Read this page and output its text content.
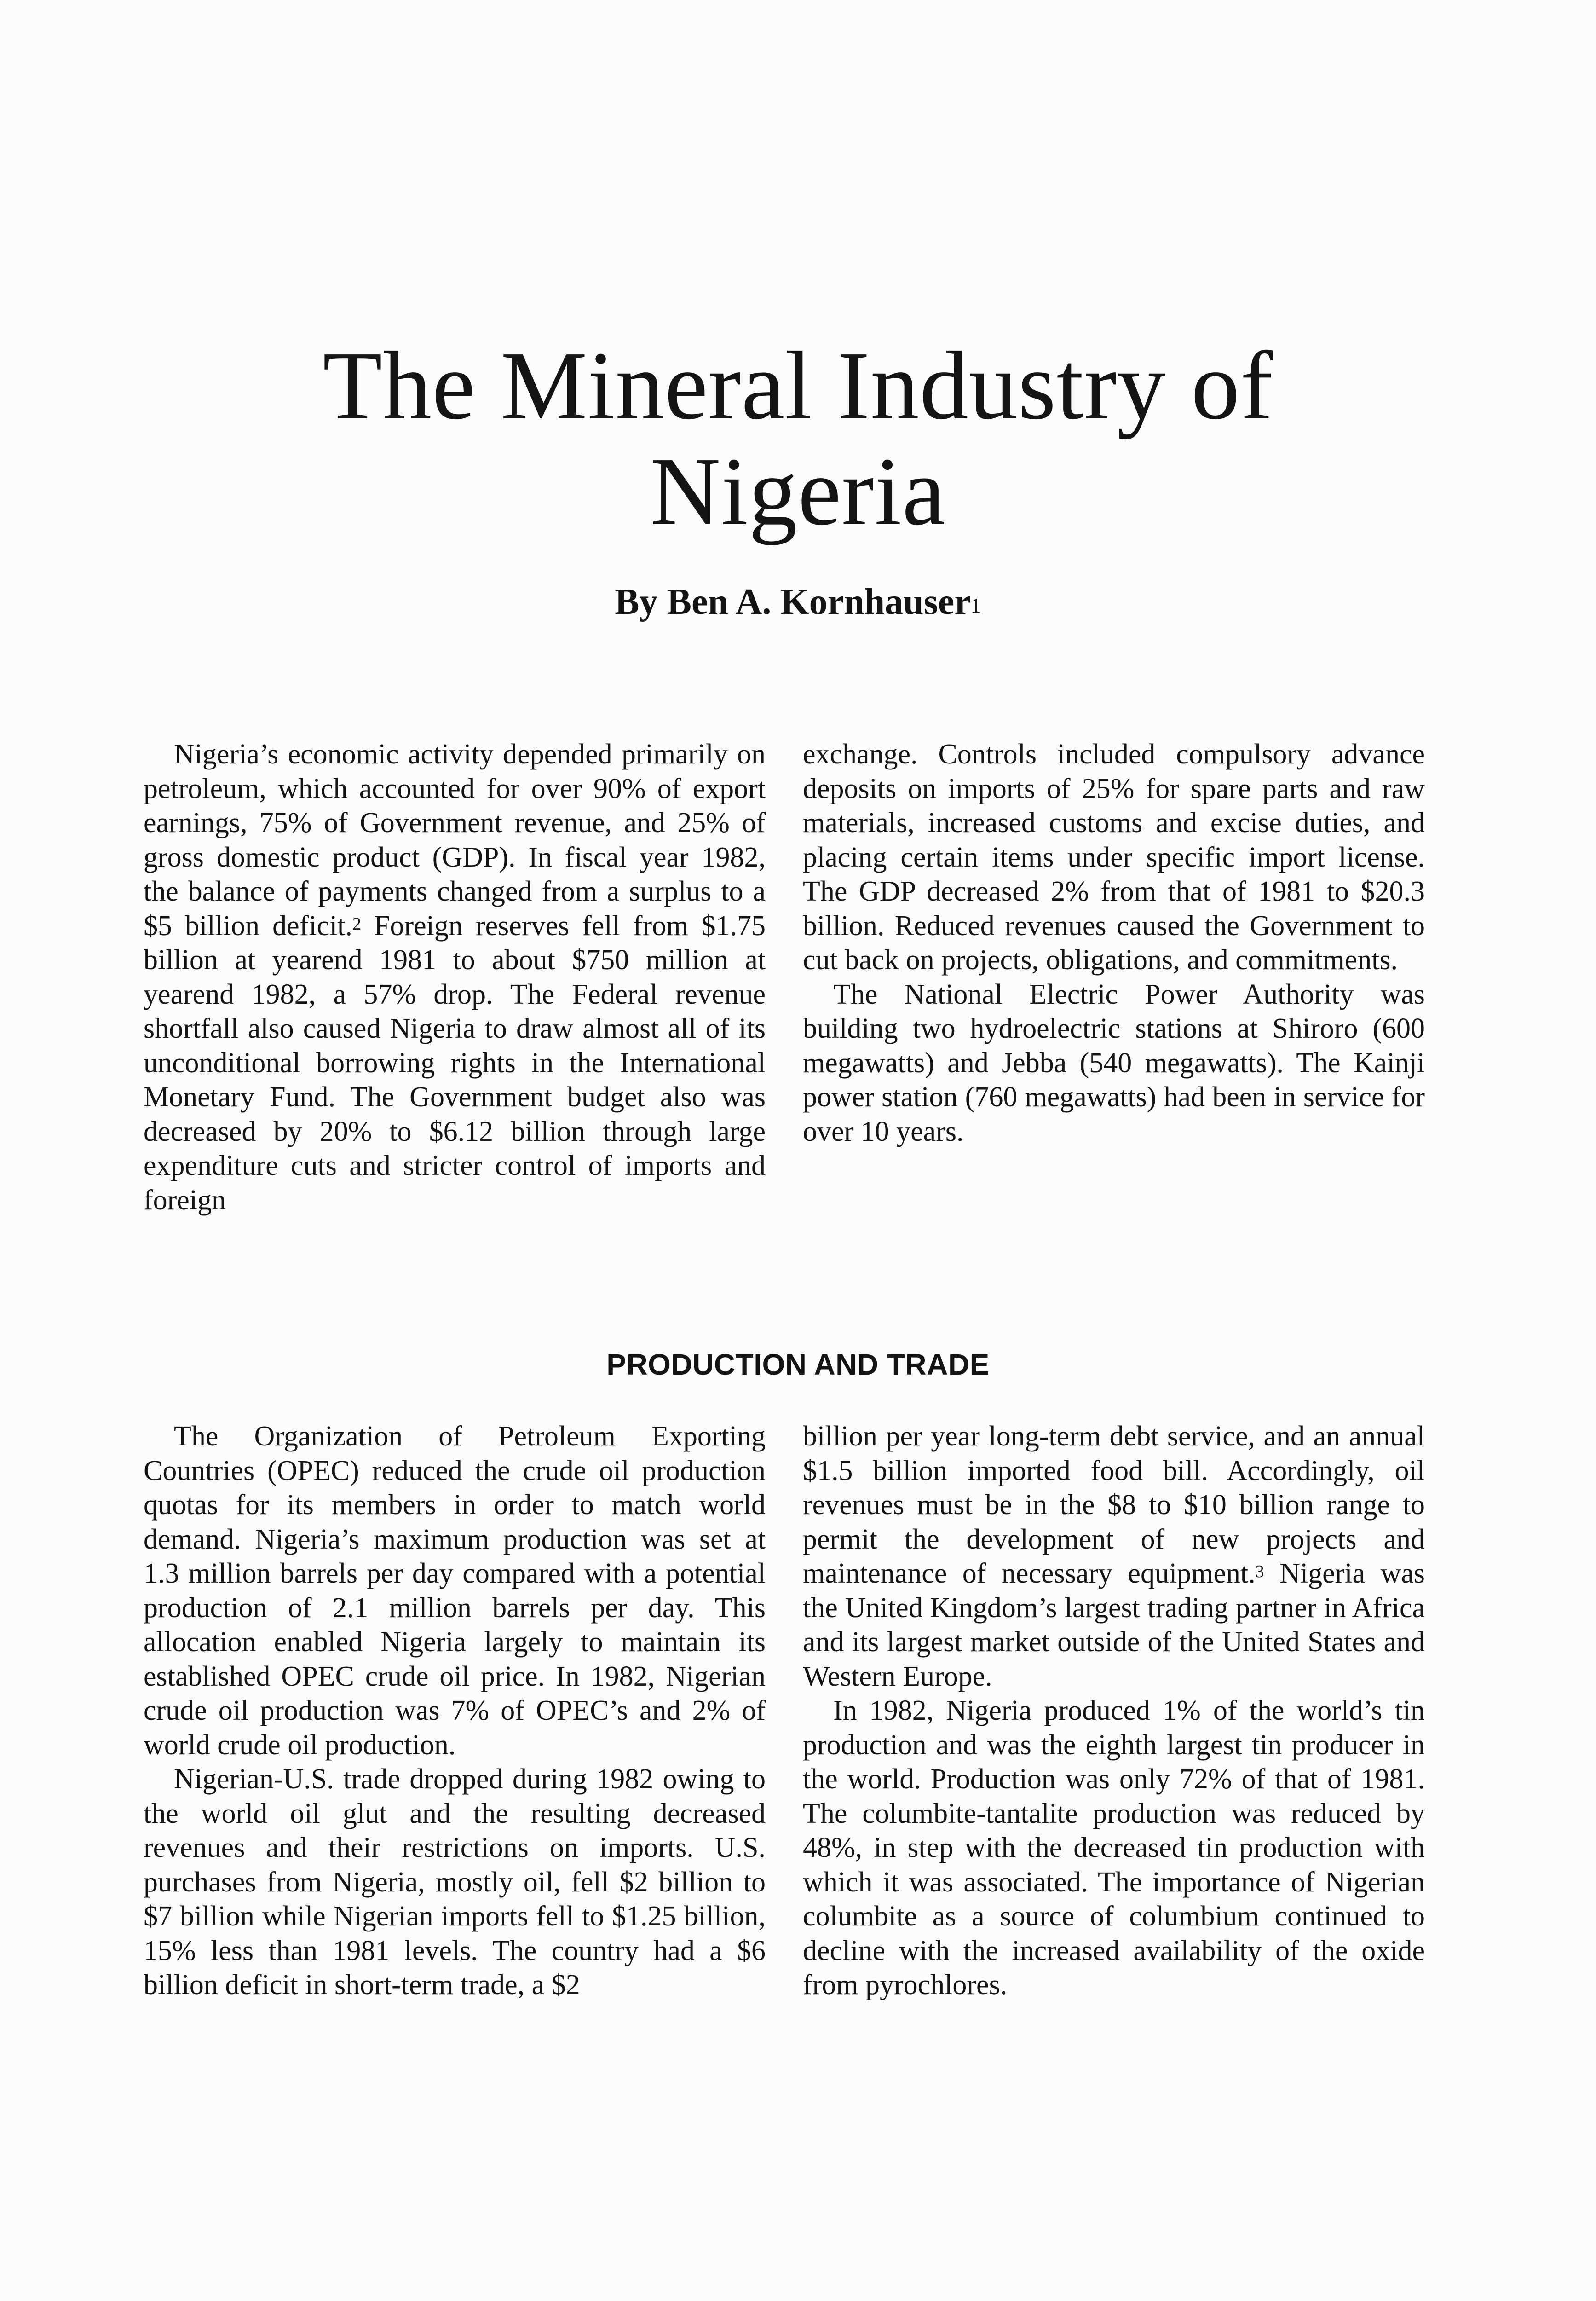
The Mineral Industry of
Nigeria
By Ben A. Kornhauser$^1$

Nigeria’s economic activity depended primarily on petroleum, which accounted for over 90% of export earnings, 75% of Government revenue, and 25% of gross domestic product (GDP). In fiscal year 1982, the balance of payments changed from a surplus to a $5 billion deficit.$^2$ Foreign reserves fell from $1.75 billion at yearend 1981 to about $750 million at yearend 1982, a 57% drop. The Federal revenue shortfall also caused Nigeria to draw almost all of its unconditional borrowing rights in the International Monetary Fund. The Government budget also was decreased by 20% to $6.12 billion through large expenditure cuts and stricter control of imports and foreign

exchange. Controls included compulsory advance deposits on imports of 25% for spare parts and raw materials, increased customs and excise duties, and placing certain items under specific import license. The GDP decreased 2% from that of 1981 to $20.3 billion. Reduced revenues caused the Government to cut back on projects, obligations, and commitments.

The National Electric Power Authority was building two hydroelectric stations at Shiroro (600 megawatts) and Jebba (540 megawatts). The Kainji power station (760 megawatts) had been in service for over 10 years.

PRODUCTION AND TRADE

The Organization of Petroleum Exporting Countries (OPEC) reduced the crude oil production quotas for its members in order to match world demand. Nigeria’s maximum production was set at 1.3 million barrels per day compared with a potential production of 2.1 million barrels per day. This allocation enabled Nigeria largely to maintain its established OPEC crude oil price. In 1982, Nigerian crude oil production was 7% of OPEC’s and 2% of world crude oil production.

Nigerian-U.S. trade dropped during 1982 owing to the world oil glut and the resulting decreased revenues and their restrictions on imports. U.S. purchases from Nigeria, mostly oil, fell $2 billion to $7 billion while Nigerian imports fell to $1.25 billion, 15% less than 1981 levels. The country had a $6 billion deficit in short-term trade, a $2

billion per year long-term debt service, and an annual $1.5 billion imported food bill. Accordingly, oil revenues must be in the $8 to $10 billion range to permit the development of new projects and maintenance of necessary equipment.$^3$ Nigeria was the United Kingdom’s largest trading partner in Africa and its largest market outside of the United States and Western Europe.

In 1982, Nigeria produced 1% of the world’s tin production and was the eighth largest tin producer in the world. Production was only 72% of that of 1981. The columbite-tantalite production was reduced by 48%, in step with the decreased tin production with which it was associated. The importance of Nigerian columbite as a source of columbium continued to decline with the increased availability of the oxide from pyrochlores.
